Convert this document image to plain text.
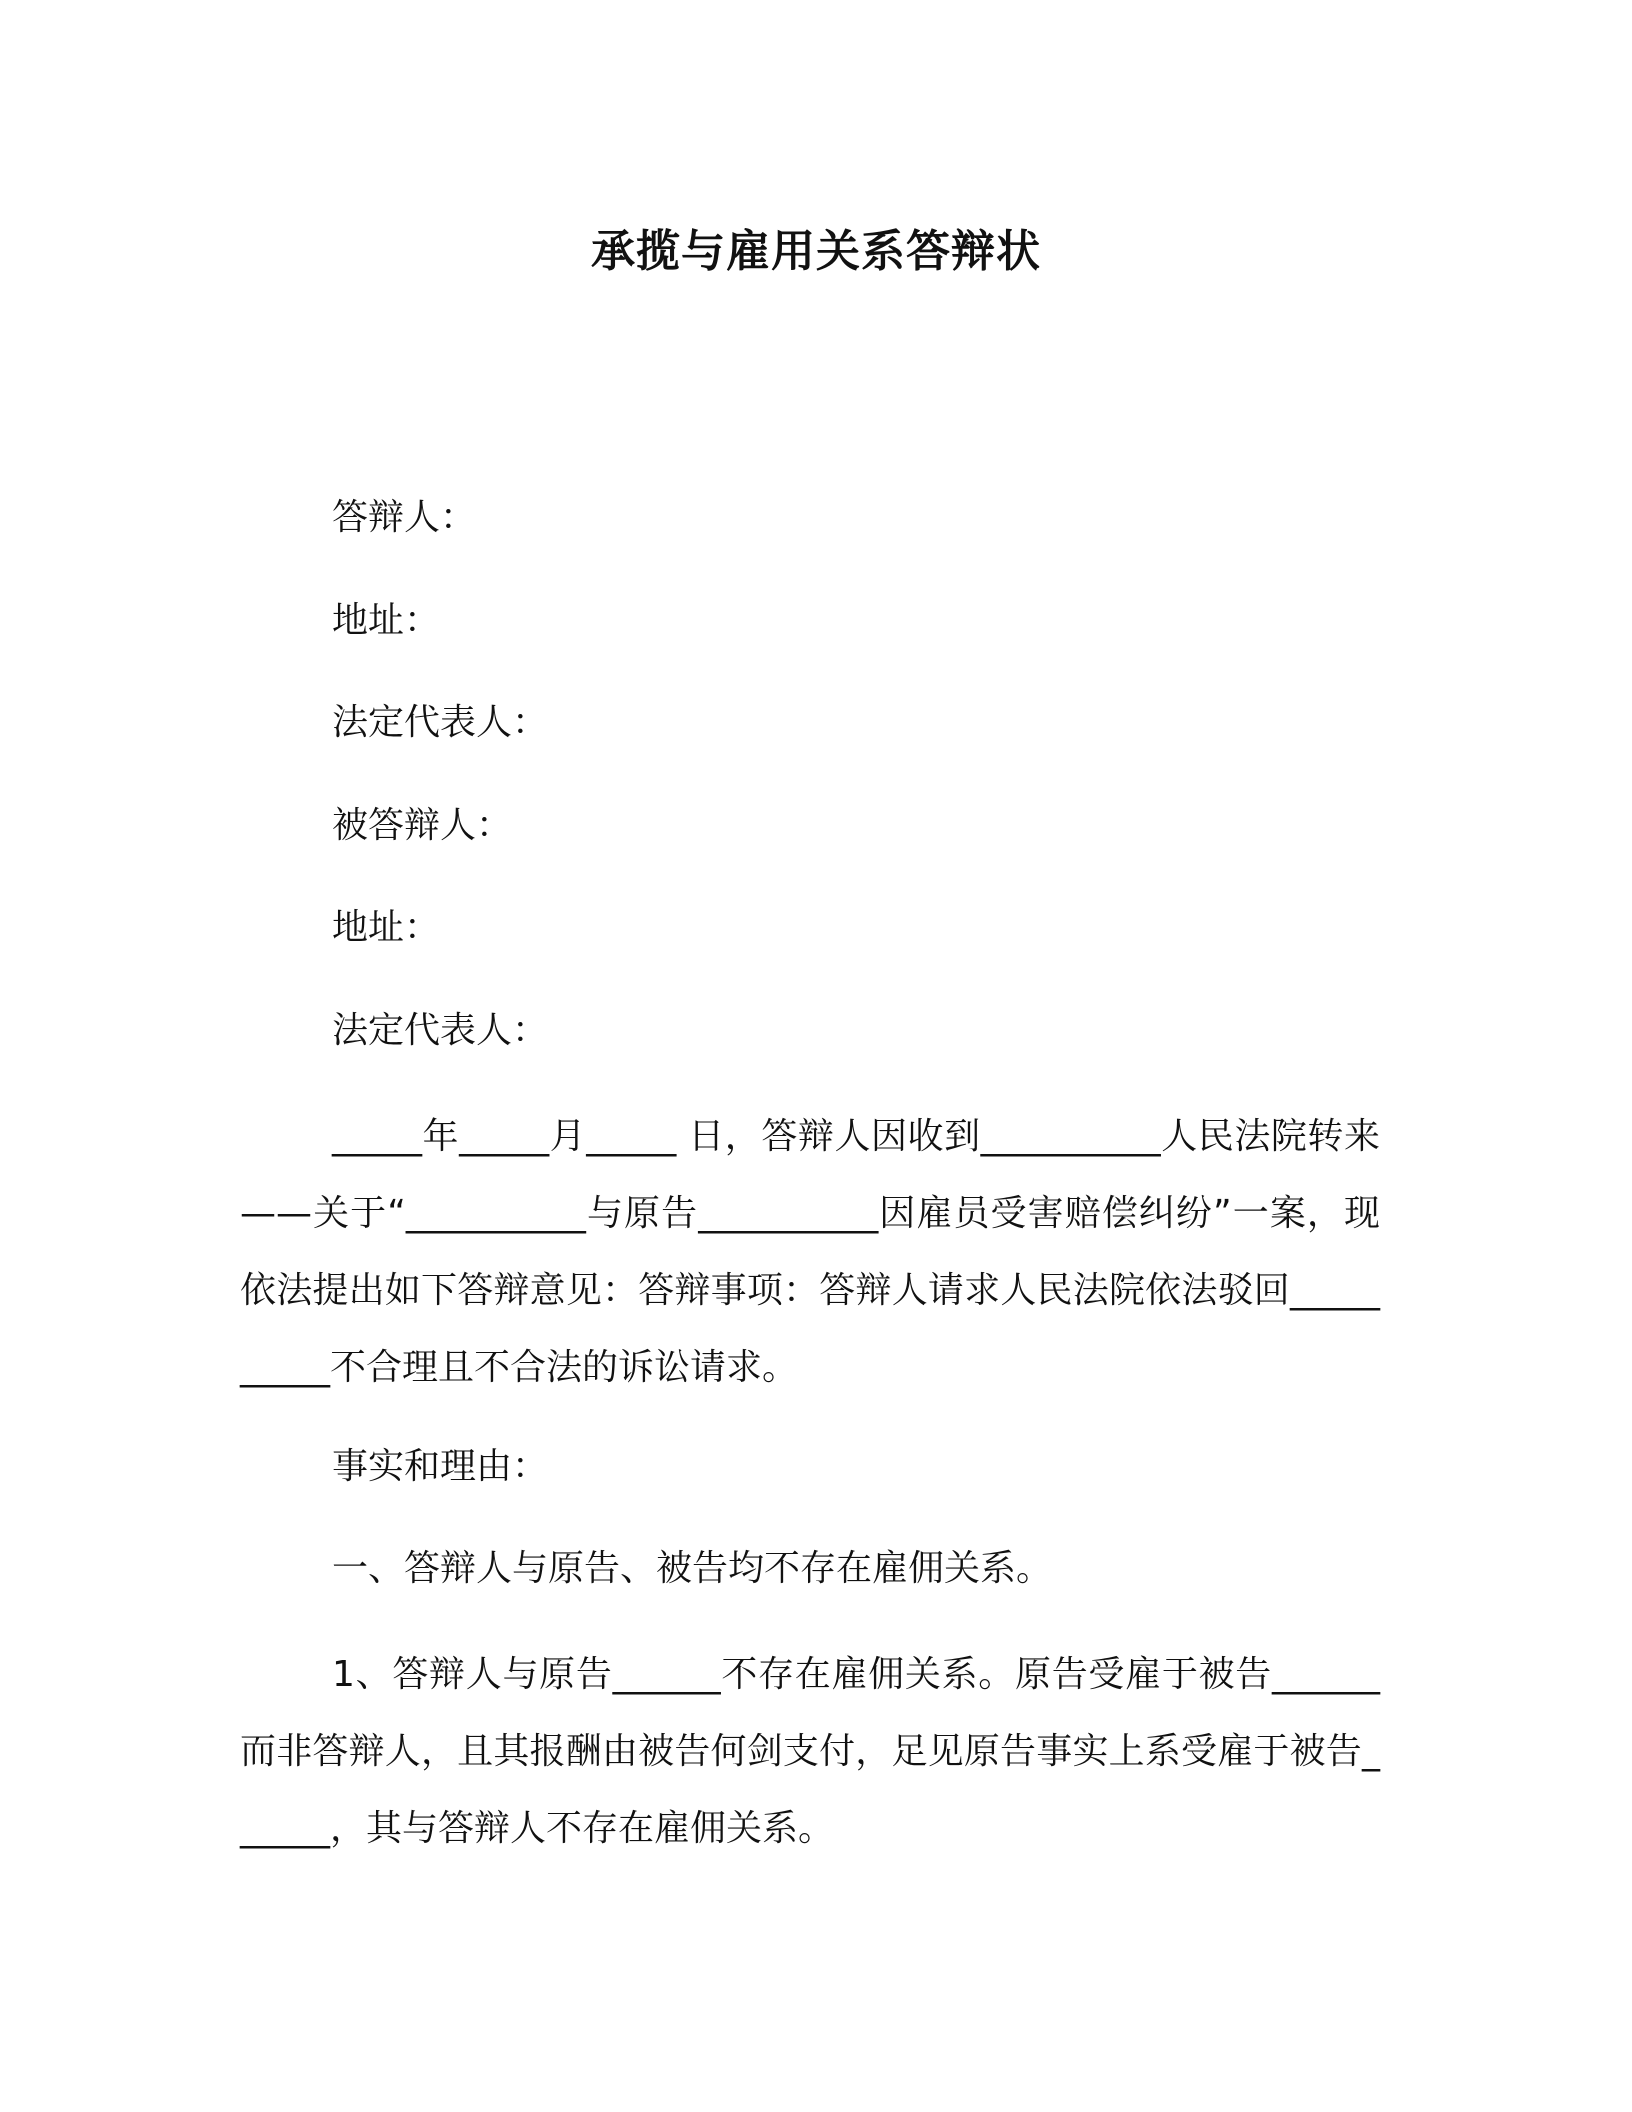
承揽与雇用关系答辩状
答辩人：
地址：
法定代表人：
被答辩人：
地址：
法定代表人：
_____年_____月_____ 日，答辩人因收到__________人民法院转来——关于“__________与原告__________因雇员受害赔偿纠纷”一案，现依法提出如下答辩意见：答辩事项：答辩人请求人民法院依法驳回__________不合理且不合法的诉讼请求。
事实和理由：
一、答辩人与原告、被告均不存在雇佣关系。
1、答辩人与原告______不存在雇佣关系。原告受雇于被告______而非答辩人，且其报酬由被告何剑支付，足见原告事实上系受雇于被告______，其与答辩人不存在雇佣关系。
